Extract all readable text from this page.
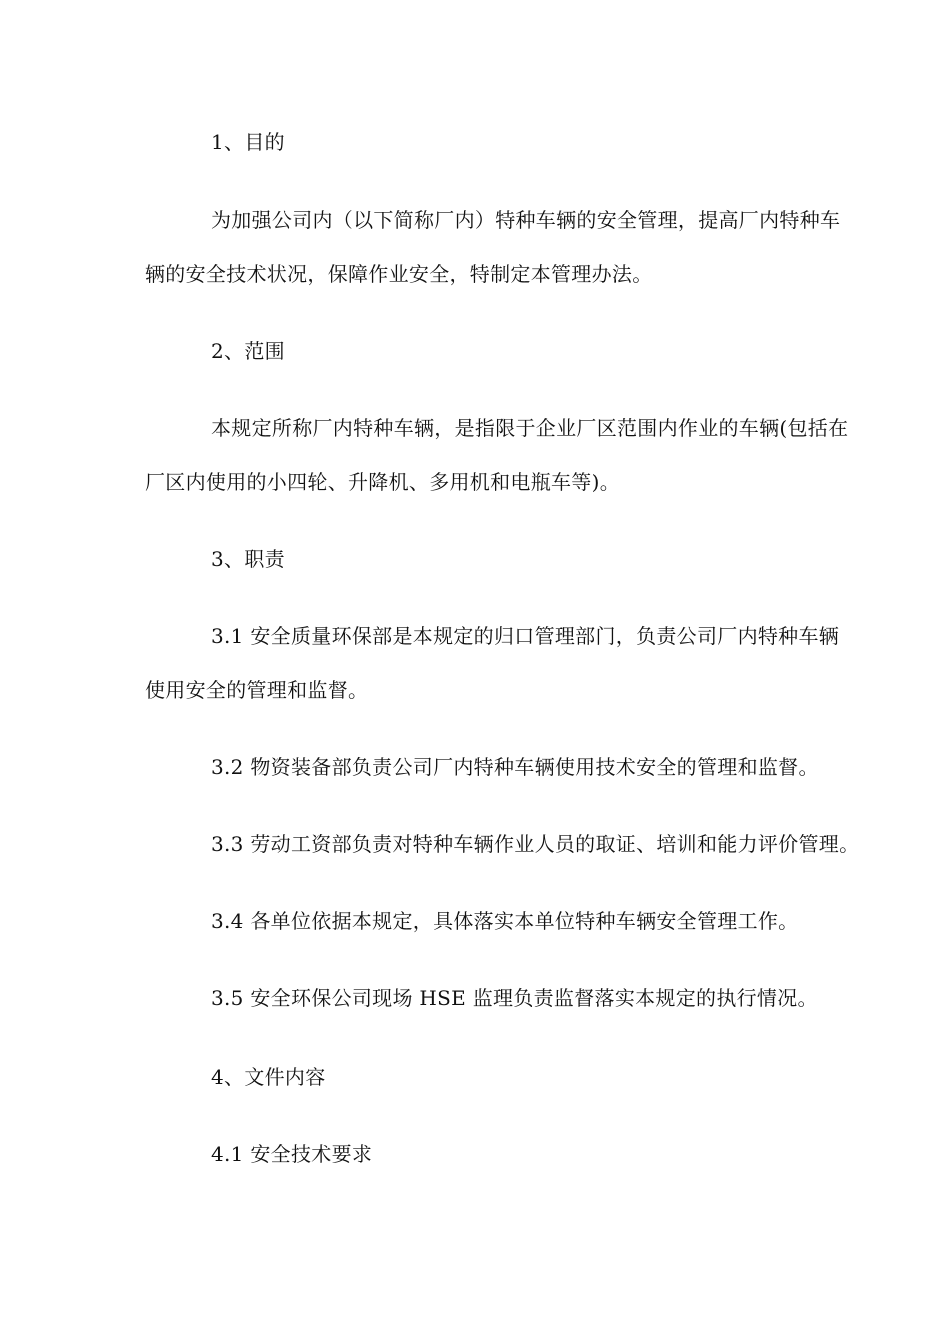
1、目的
为加强公司内（以下简称厂内）特种车辆的安全管理，提高厂内特种车
辆的安全技术状况，保障作业安全，特制定本管理办法。
2、范围
本规定所称厂内特种车辆，是指限于企业厂区范围内作业的车辆(包括在
厂区内使用的小四轮、升降机、多用机和电瓶车等)。
3、职责
3.1 安全质量环保部是本规定的归口管理部门，负责公司厂内特种车辆
使用安全的管理和监督。
3.2 物资装备部负责公司厂内特种车辆使用技术安全的管理和监督。
3.3 劳动工资部负责对特种车辆作业人员的取证、培训和能力评价管理。
3.4 各单位依据本规定，具体落实本单位特种车辆安全管理工作。
3.5 安全环保公司现场 HSE 监理负责监督落实本规定的执行情况。
4、文件内容
4.1 安全技术要求
